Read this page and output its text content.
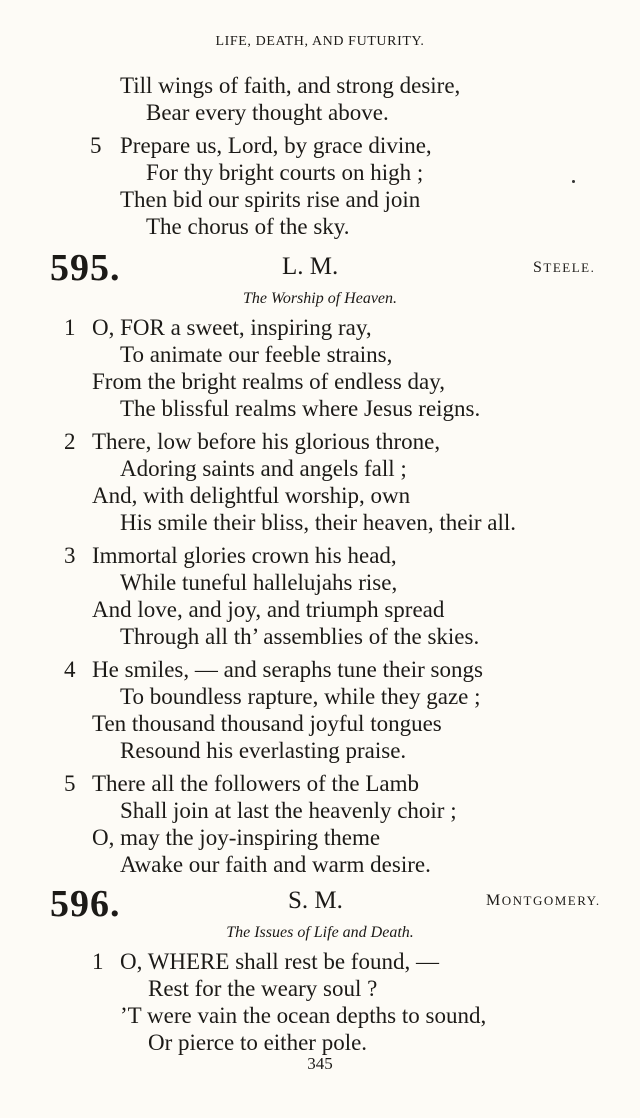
LIFE, DEATH, AND FUTURITY.
Till wings of faith, and strong desire,
Bear every thought above.
5 Prepare us, Lord, by grace divine,
For thy bright courts on high ;
Then bid our spirits rise and join
The chorus of the sky.
595.	L. M.	STEELE.
The Worship of Heaven.
1 O, FOR a sweet, inspiring ray,
To animate our feeble strains,
From the bright realms of endless day,
The blissful realms where Jesus reigns.
2 There, low before his glorious throne,
Adoring saints and angels fall ;
And, with delightful worship, own
His smile their bliss, their heaven, their all.
3 Immortal glories crown his head,
While tuneful hallelujahs rise,
And love, and joy, and triumph spread
Through all th’ assemblies of the skies.
4 He smiles, — and seraphs tune their songs
To boundless rapture, while they gaze ;
Ten thousand thousand joyful tongues
Resound his everlasting praise.
5 There all the followers of the Lamb
Shall join at last the heavenly choir ;
O, may the joy-inspiring theme
Awake our faith and warm desire.
596.	S. M.	MONTGOMERY.
The Issues of Life and Death.
1 O, WHERE shall rest be found, —
Rest for the weary soul ?
’T were vain the ocean depths to sound,
Or pierce to either pole.
345
